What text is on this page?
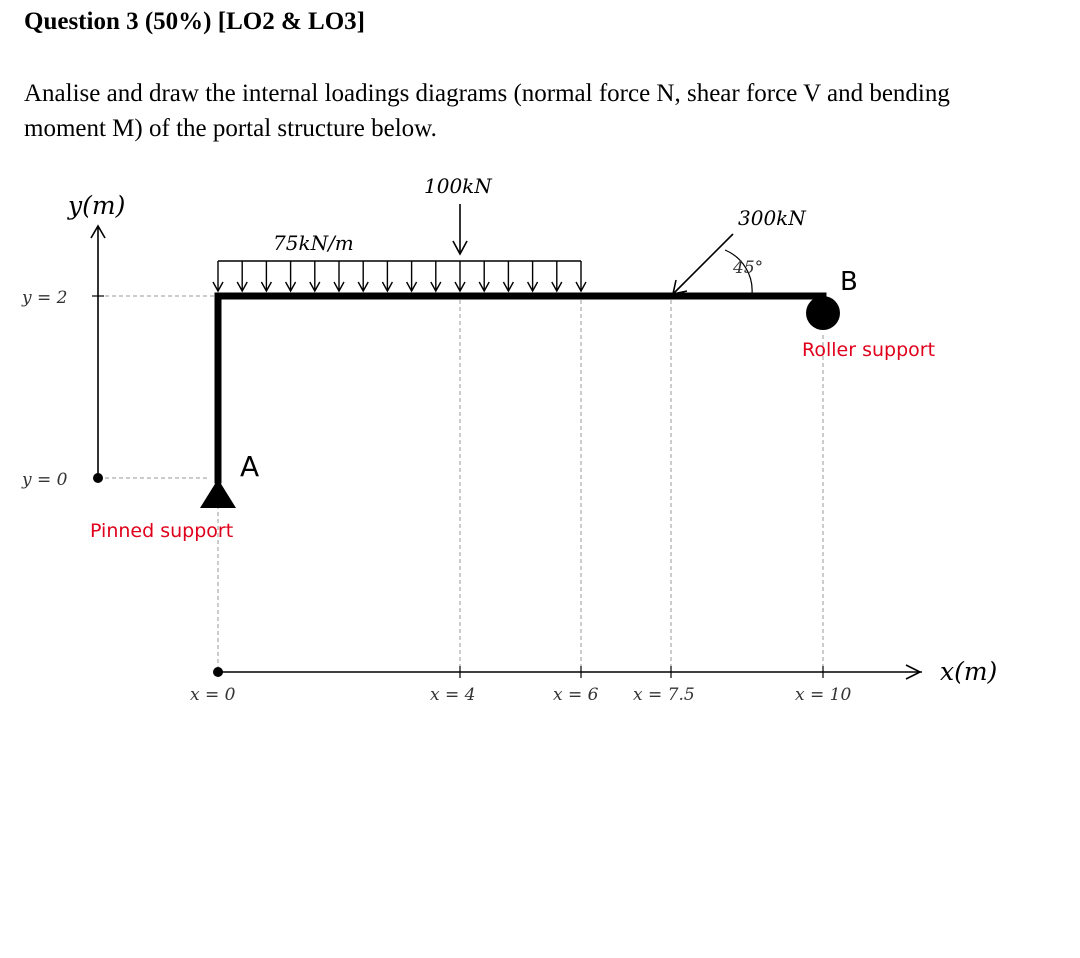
Question 3 (50%) [LO2 & LO3]
Analise and draw the internal loadings diagrams (normal force N, shear force V and bending moment M) of the portal structure below.
y(m)
y = 2
y = 0
x(m)
x = 0	x = 4	x = 6 x = 7.5	x = 10
A
Pinned support
B
Roller support
75kN/m
100kN
300kN
45°
